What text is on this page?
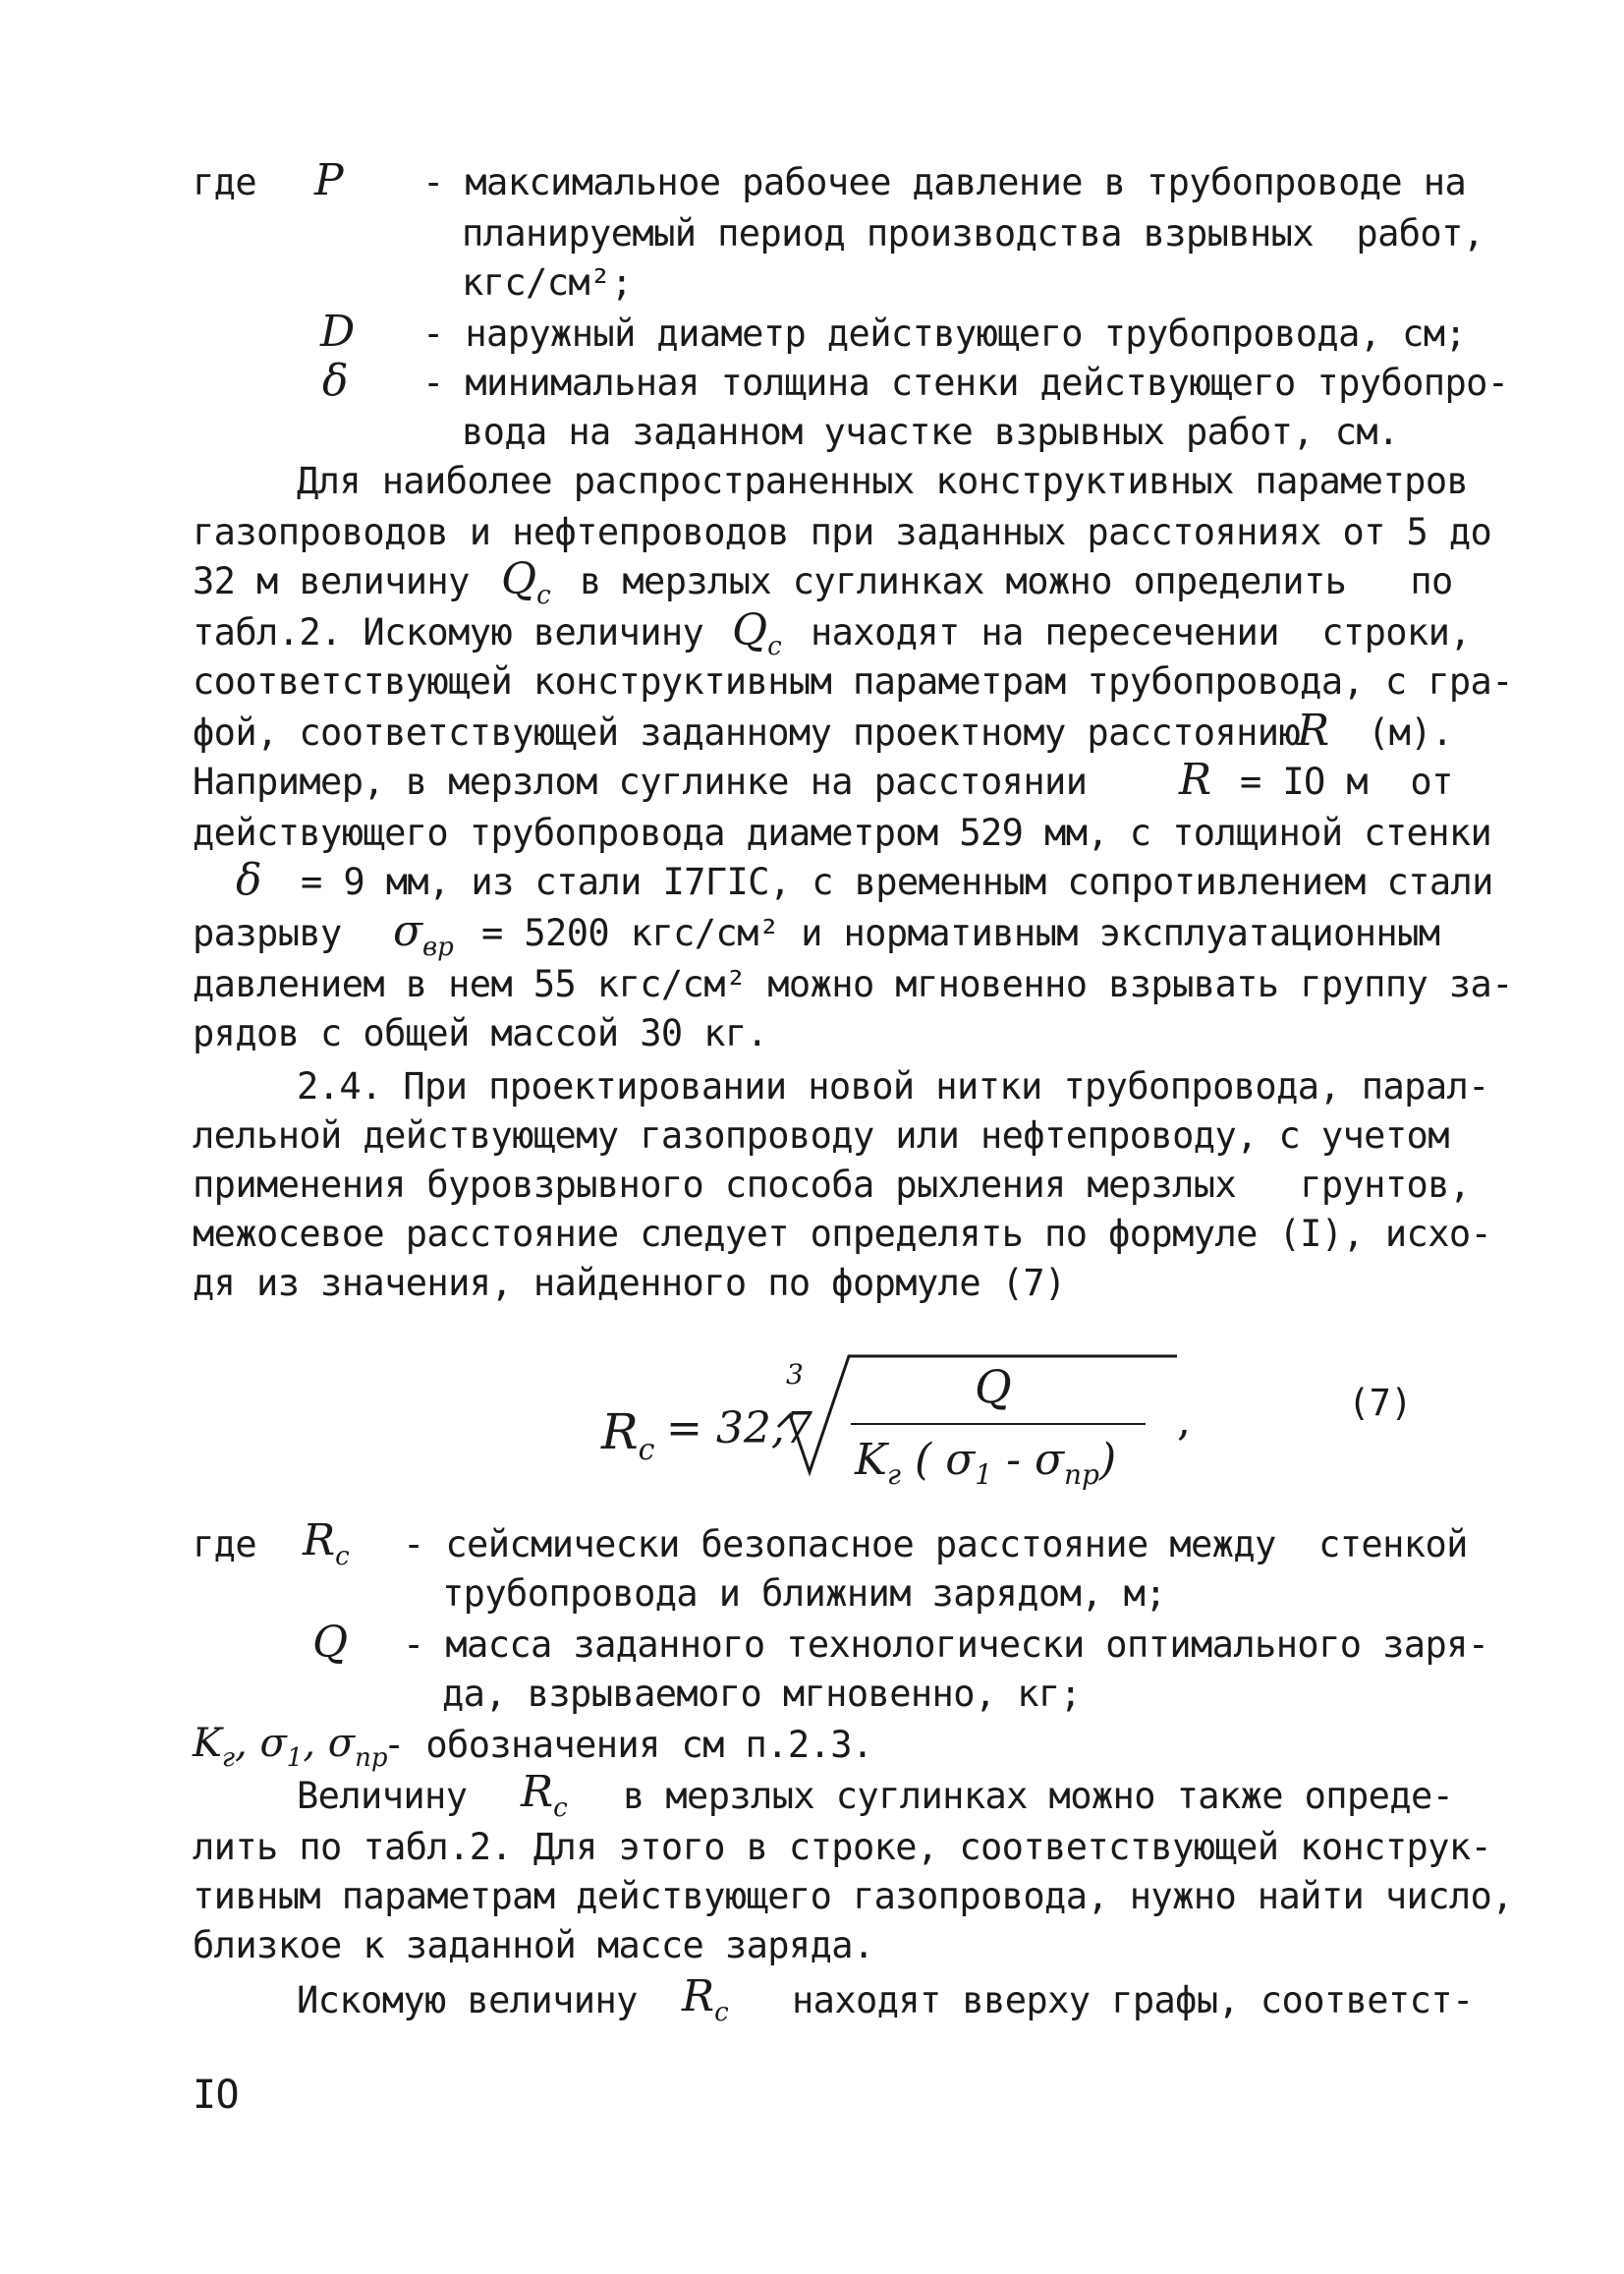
где P - максимальное рабочее давление в трубопроводе на
планируемый период производства взрывных  работ,
кгс/см²;
D - наружный диаметр действующего трубопровода, см;
δ - минимальная толщина стенки действующего трубопро-
вода на заданном участке взрывных работ, см.
Для наиболее распространенных конструктивных параметров
газопроводов и нефтепроводов при заданных расстояниях от 5 до
32 м величину $Q_c$ в мерзлых суглинках можно определить   по
табл.2. Искомую величину $Q_c$ находят на пересечении  строки,
соответствующей конструктивным параметрам трубопровода, с гра-
фой, соответствующей заданному проектному расстоянию
R (м).
Например, в мерзлом суглинке на расстоянии R = IO м  от
действующего трубопровода диаметром 529 мм, с толщиной стенки
δ = 9 мм, из стали I7ГIС, с временным сопротивлением стали
разрыву $\sigma_{вр} = 5200$ кгс/см² и нормативным эксплуатационным
давлением в нем 55 кгс/см² можно мгновенно взрывать группу за-
рядов с общей массой 30 кг.
2.4. При проектировании новой нитки трубопровода, парал-
лельной действующему газопроводу или нефтепроводу, с учетом
применения буровзрывного способа рыхления мерзлых   грунтов,
межосевое расстояние следует определять по формуле (I), исхо-
дя из значения, найденного по формуле (7)
$R_c = 32,7$
3	Q
$K_г$ ( $\sigma_1 - \sigma_{пр}$)
,	(7)
где $R_c$ - сейсмически безопасное расстояние между  стенкой
трубопровода и ближним зарядом, м;
Q - масса заданного технологически оптимального заря-
да, взрываемого мгновенно, кг;
$K_г$, $\sigma_1$, $\sigma_{пр}$
- обозначения см п.2.3.
Величину $R_c$ в мерзлых суглинках можно также опреде-
лить по табл.2. Для этого в строке, соответствующей конструк-
тивным параметрам действующего газопровода, нужно найти число,
близкое к заданной массе заряда.
Искомую величину $R_c$ находят вверху графы, соответст-
IO
